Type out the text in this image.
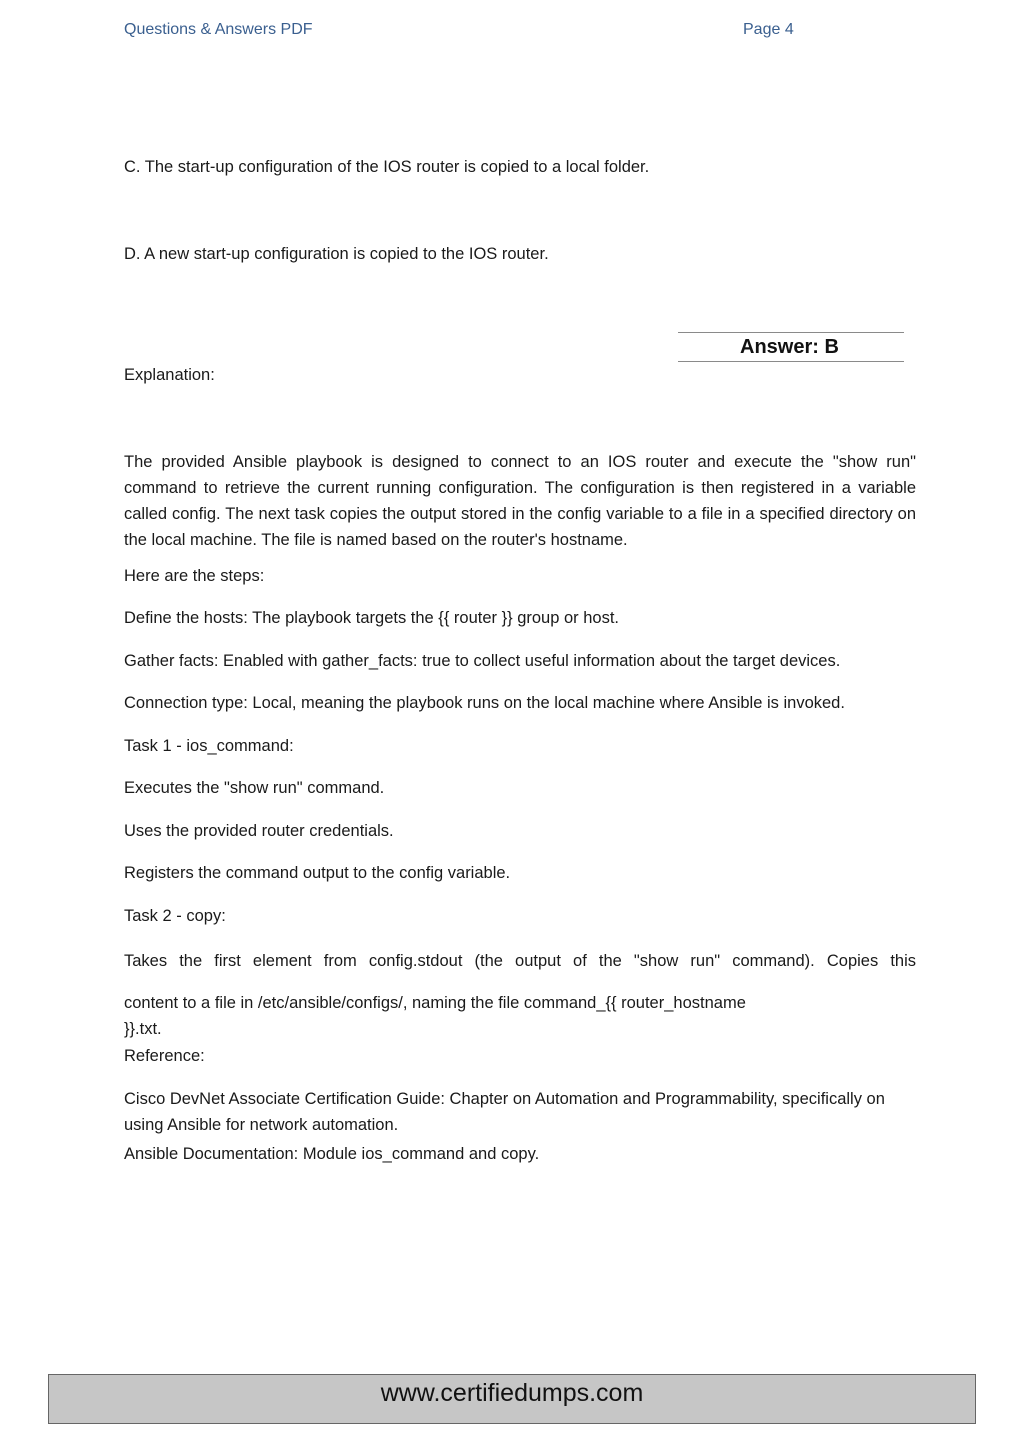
Questions & Answers PDF	Page 4
C. The start-up configuration of the IOS router is copied to a local folder.
D. A new start-up configuration is copied to the IOS router.
Answer: B
Explanation:
The provided Ansible playbook is designed to connect to an IOS router and execute the "show run" command to retrieve the current running configuration. The configuration is then registered in a variable called config. The next task copies the output stored in the config variable to a file in a specified directory on the local machine. The file is named based on the router's hostname.
Here are the steps:
Define the hosts: The playbook targets the {{ router }} group or host.
Gather facts: Enabled with gather_facts: true to collect useful information about the target devices.
Connection type: Local, meaning the playbook runs on the local machine where Ansible is invoked.
Task 1 - ios_command:
Executes the "show run" command.
Uses the provided router credentials.
Registers the command output to the config variable.
Task 2 - copy:
Takes the first element from config.stdout (the output of the "show run" command). Copies this
content to a file in /etc/ansible/configs/, naming the file command_{{ router_hostname
}}.txt.
Reference:
Cisco DevNet Associate Certification Guide: Chapter on Automation and Programmability, specifically on using Ansible for network automation.
Ansible Documentation: Module ios_command and copy.
www.certifiedumps.com
